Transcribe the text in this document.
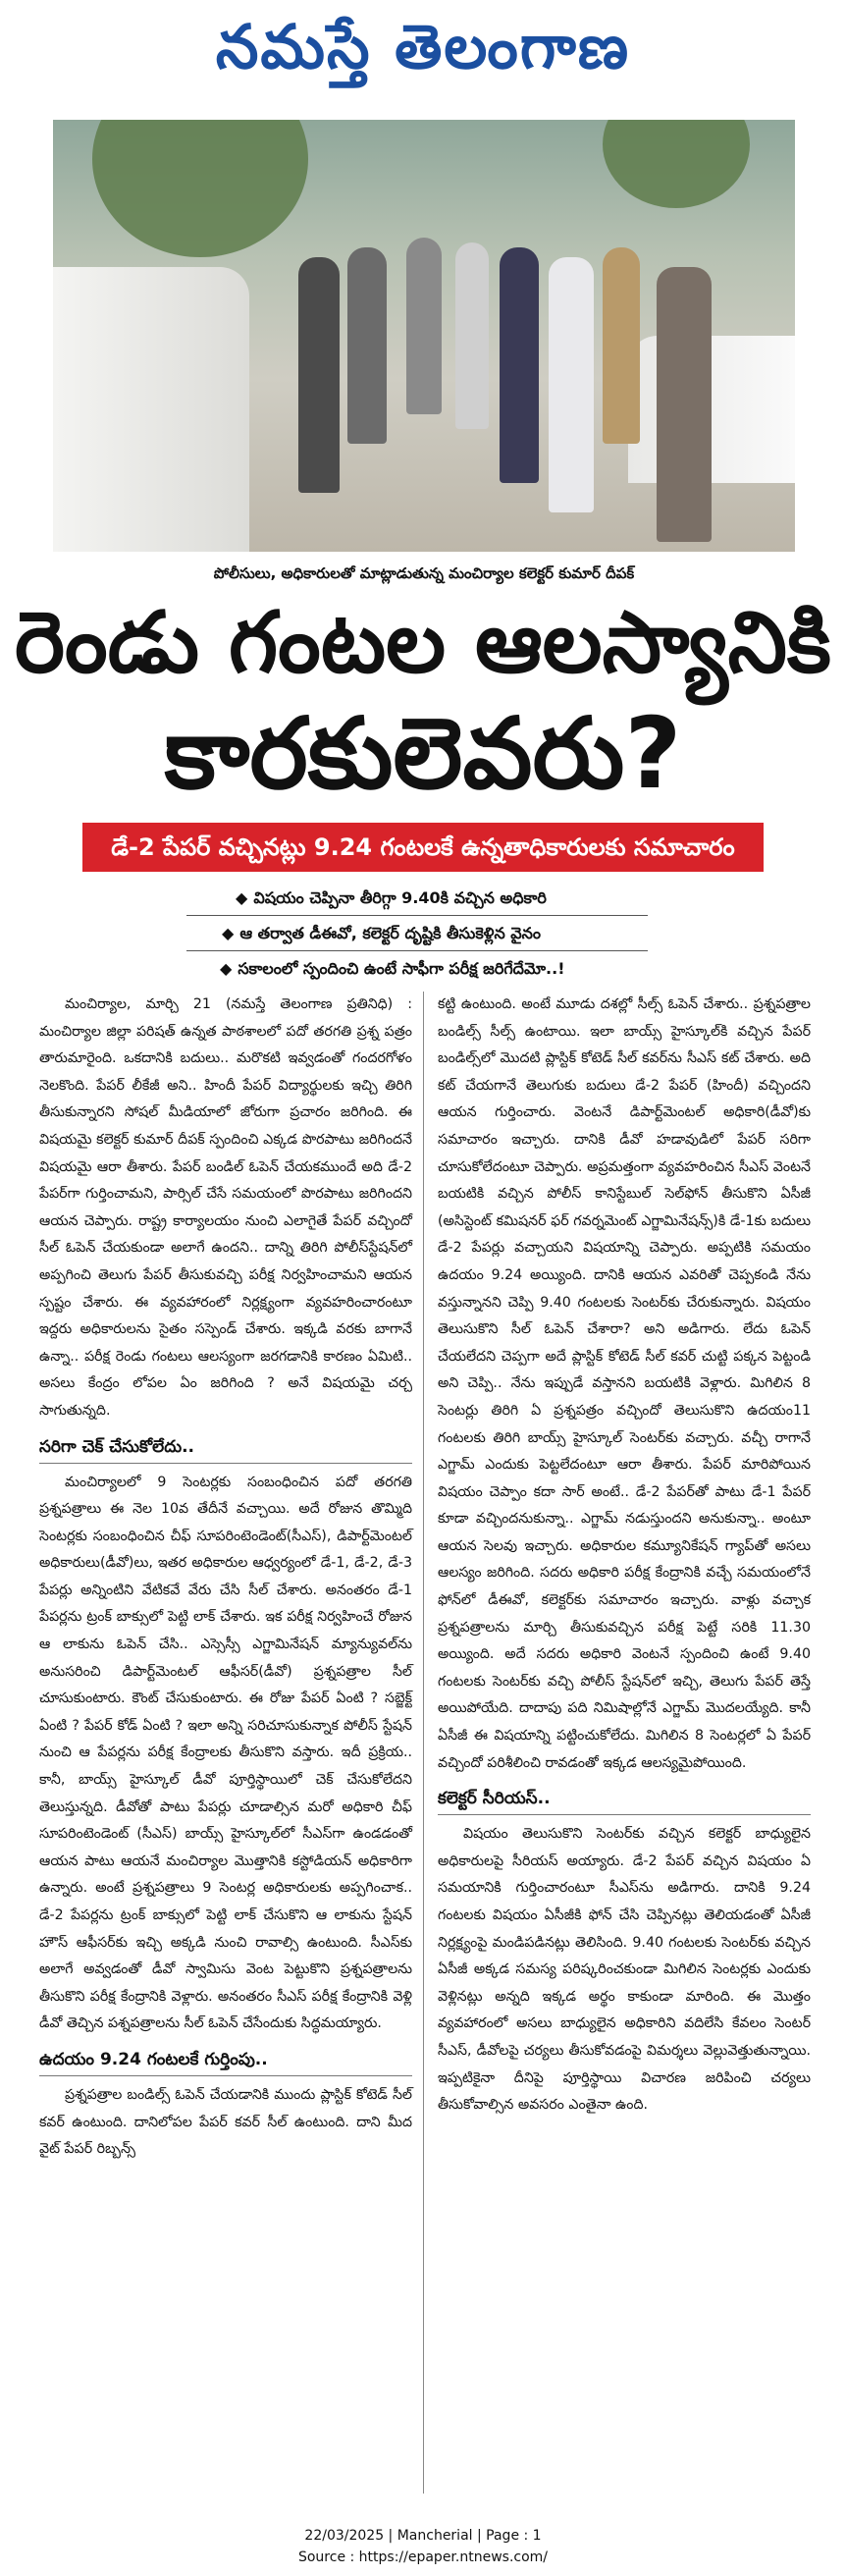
నమస్తే తెలంగాణ
పోలీసులు, అధికారులతో మాట్లాడుతున్న మంచిర్యాల కలెక్టర్ కుమార్ దీపక్
రెండు గంటల ఆలస్యానికి
కారకులెవరు?
డే-2 పేపర్ వచ్చినట్లు 9.24 గంటలకే ఉన్నతాధికారులకు సమాచారం
◆ విషయం చెప్పినా తీరిగ్గా 9.40కి వచ్చిన అధికారి
◆ ఆ తర్వాత డీఈవో, కలెక్టర్ దృష్టికి తీసుకెళ్లిన వైనం
◆ సకాలంలో స్పందించి ఉంటే సాఫీగా పరీక్ష జరిగేదేమో..!

మంచిర్యాల, మార్చి 21 (నమస్తే తెలంగాణ ప్రతినిధి) : మంచిర్యాల జిల్లా పరిషత్ ఉన్నత పాఠశాలలో పదో తరగతి ప్రశ్న పత్రం తారుమారైంది. ఒకదానికి బదులు.. మరొకటి ఇవ్వడంతో గందరగోళం నెలకొంది. పేపర్ లీకేజీ అని.. హిందీ పేపర్ విద్యార్థులకు ఇచ్చి తిరిగి తీసుకున్నారని సోషల్ మీడియాలో జోరుగా ప్రచారం జరిగింది. ఈ విషయమై కలెక్టర్ కుమార్ దీపక్ స్పందించి ఎక్కడ పొరపాటు జరిగిందనే విషయమై ఆరా తీశారు. పేపర్ బండిల్ ఓపెన్ చేయకముందే అది డే-2 పేపర్‌గా గుర్తించామని, పార్సిల్ చేసే సమయంలో పొరపాటు జరిగిందని ఆయన చెప్పారు. రాష్ట్ర కార్యాలయం నుంచి ఎలాగైతే పేపర్ వచ్చిందో సీల్ ఓపెన్ చేయకుండా అలాగే ఉందని.. దాన్ని తిరిగి పోలీస్‌స్టేషన్‌లో అప్పగించి తెలుగు పేపర్ తీసుకువచ్చి పరీక్ష నిర్వహించామని ఆయన స్పష్టం చేశారు. ఈ వ్యవహారంలో నిర్లక్ష్యంగా వ్యవహరించారంటూ ఇద్దరు అధికారులను సైతం సస్పెండ్ చేశారు. ఇక్కడి వరకు బాగానే ఉన్నా.. పరీక్ష రెండు గంటలు ఆలస్యంగా జరగడానికి కారణం ఏమిటి.. అసలు కేంద్రం లోపల ఏం జరిగింది ? అనే విషయమై చర్చ సాగుతున్నది.

సరిగా చెక్ చేసుకోలేదు..

మంచిర్యాలలో 9 సెంటర్లకు సంబంధించిన పదో తరగతి ప్రశ్నపత్రాలు ఈ నెల 10వ తేదీనే వచ్చాయి. అదే రోజున తొమ్మిది సెంటర్లకు సంబంధించిన చీఫ్ సూపరింటెండెంట్(సీఎస్), డిపార్ట్‌మెంటల్ అధికారులు(డీవో)లు, ఇతర అధికారుల ఆధ్వర్యంలో డే-1, డే-2, డే-3 పేపర్లు అన్నింటిని వేటికవే వేరు చేసి సీల్ చేశారు. అనంతరం డే-1 పేపర్లను ట్రంక్ బాక్సులో పెట్టి లాక్ చేశారు. ఇక పరీక్ష నిర్వహించే రోజున ఆ లాకును ఓపెన్ చేసి.. ఎస్సెస్సీ ఎగ్జామినేషన్ మ్యాన్యువల్‌ను అనుసరించి డిపార్ట్‌మెంటల్ ఆఫీసర్(డీవో) ప్రశ్నపత్రాల సీల్ చూసుకుంటారు. కౌంట్ చేసుకుంటారు. ఈ రోజు పేపర్ ఏంటి ? సబ్జెక్ట్ ఏంటి ? పేపర్ కోడ్ ఏంటి ? ఇలా అన్ని సరిచూసుకున్నాక పోలీస్ స్టేషన్ నుంచి ఆ పేపర్లను పరీక్ష కేంద్రాలకు తీసుకొని వస్తారు. ఇదీ ప్రక్రియ.. కానీ, బాయ్స్ హైస్కూల్ డీవో పూర్తిస్థాయిలో చెక్ చేసుకోలేదని తెలుస్తున్నది. డీవోతో పాటు పేపర్లు చూడాల్సిన మరో అధికారి చీఫ్ సూపరింటెండెంట్ (సీఎస్) బాయ్స్ హైస్కూల్‌లో సీఎస్‌గా ఉండడంతో ఆయన పాటు ఆయనే మంచిర్యాల మొత్తానికి కస్టోడియన్ అధికారిగా ఉన్నారు. అంటే ప్రశ్నపత్రాలు 9 సెంటర్ల అధికారులకు అప్పగించాక.. డే-2 పేపర్లను ట్రంక్ బాక్సులో పెట్టి లాక్ చేసుకొని ఆ లాకును స్టేషన్ హౌస్ ఆఫీసర్‌కు ఇచ్చి అక్కడి నుంచి రావాల్సి ఉంటుంది. సీఎస్‌కు అలాగే అవ్వడంతో డీవో స్వామిసు వెంట పెట్టుకొని ప్రశ్నపత్రాలను తీసుకొని పరీక్ష కేంద్రానికి వెళ్లారు. అనంతరం సీఎస్ పరీక్ష కేంద్రానికి వెళ్లి డీవో తెచ్చిన పశ్నపత్రాలను సీల్ ఓపెన్ చేసేందుకు సిద్ధమయ్యారు.

ఉదయం 9.24 గంటలకే గుర్తింపు..

ప్రశ్నపత్రాల బండిల్స్ ఓపెన్ చేయడానికి ముందు ప్లాస్టిక్ కోటెడ్ సీల్ కవర్ ఉంటుంది. దానిలోపల పేపర్ కవర్ సీల్ ఉంటుంది. దాని మీద వైట్ పేపర్ రిబ్బన్స్

కట్టి ఉంటుంది. అంటే మూడు దశల్లో సీల్స్ ఓపెన్ చేశారు.. ప్రశ్నపత్రాల బండిల్స్ సీల్స్ ఉంటాయి. ఇలా బాయ్స్ హైస్కూల్‌కి వచ్చిన పేపర్ బండిల్స్‌లో మొదటి ప్లాస్టిక్ కోటెడ్ సీల్ కవర్‌ను సీఎస్ కట్ చేశారు. అది కట్ చేయగానే తెలుగుకు బదులు డే-2 పేపర్ (హిందీ) వచ్చిందని ఆయన గుర్తించారు. వెంటనే డిపార్ట్‌మెంటల్ అధికారి(డీవో)కు సమాచారం ఇచ్చారు. దానికి డీవో హడావుడిలో పేపర్ సరిగా చూసుకోలేదంటూ చెప్పారు. అప్రమత్తంగా వ్యవహరించిన సీఎస్ వెంటనే బయటికి వచ్చిన పోలీస్ కానిస్టేబుల్ సెల్‌ఫోన్ తీసుకొని ఏసీజీ (అసిస్టెంట్ కమిషనర్ ఫర్ గవర్నమెంట్ ఎగ్జామినేషన్స్)కి డే-1కు బదులు డే-2 పేపర్లు వచ్చాయని విషయాన్ని చెప్పారు. అప్పటికి సమయం ఉదయం 9.24 అయ్యింది. దానికి ఆయన ఎవరితో చెప్పకండి నేను వస్తున్నానని చెప్పి 9.40 గంటలకు సెంటర్‌కు చేరుకున్నారు. విషయం తెలుసుకొని సీల్ ఓపెన్ చేశారా? అని అడిగారు. లేదు ఓపెన్ చేయలేదని చెప్పగా అదే ప్లాస్టిక్ కోటెడ్ సీల్ కవర్ చుట్టి పక్కన పెట్టండి అని చెప్పి.. నేను ఇప్పుడే వస్తానని బయటికి వెళ్లారు. మిగిలిన 8 సెంటర్లు తిరిగి ఏ ప్రశ్నపత్రం వచ్చిందో తెలుసుకొని ఉదయం11 గంటలకు తిరిగి బాయ్స్ హైస్కూల్ సెంటర్‌కు వచ్చారు. వచ్చీ రాగానే ఎగ్జామ్ ఎందుకు పెట్టలేదంటూ ఆరా తీశారు. పేపర్ మారిపోయిన విషయం చెప్పాం కదా సార్ అంటే.. డే-2 పేపర్‌తో పాటు డే-1 పేపర్ కూడా వచ్చిందనుకున్నా.. ఎగ్జామ్ నడుస్తుందని అనుకున్నా.. అంటూ ఆయన సెలవు ఇచ్చారు. అధికారుల కమ్యూనికేషన్ గ్యాప్‌తో అసలు ఆలస్యం జరిగింది. సదరు అధికారి పరీక్ష కేంద్రానికి వచ్చే సమయంలోనే ఫోన్‌లో డీఈవో, కలెక్టర్‌కు సమాచారం ఇచ్చారు. వాళ్లు వచ్చాక ప్రశ్నపత్రాలను మార్చి తీసుకువచ్చిన పరీక్ష పెట్టే సరికి 11.30 అయ్యింది. అదే సదరు అధికారి వెంటనే స్పందించి ఉంటే 9.40 గంటలకు సెంటర్‌కు వచ్చి పోలీస్ స్టేషన్‌లో ఇచ్చి, తెలుగు పేపర్ తెస్తే అయిపోయేది. దాదాపు పది నిమిషాల్లోనే ఎగ్జామ్ మొదలయ్యేది. కానీ ఏసీజీ ఈ విషయాన్ని పట్టించుకోలేదు. మిగిలిన 8 సెంటర్లలో ఏ పేపర్ వచ్చిందో పరిశీలించి రావడంతో ఇక్కడ ఆలస్యమైపోయింది.

కలెక్టర్ సీరియస్..

విషయం తెలుసుకొని సెంటర్‌కు వచ్చిన కలెక్టర్ బాధ్యులైన అధికారులపై సీరియస్ అయ్యారు. డే-2 పేపర్ వచ్చిన విషయం ఏ సమయానికి గుర్తించారంటూ సీఎస్‌ను అడిగారు. దానికి 9.24 గంటలకు విషయం ఏసీజీకి ఫోన్ చేసి చెప్పినట్లు తెలియడంతో ఏసీజీ నిర్లక్ష్యంపై మండిపడినట్లు తెలిసింది. 9.40 గంటలకు సెంటర్‌కు వచ్చిన ఏసీజీ అక్కడ సమస్య పరిష్కరించకుండా మిగిలిన సెంటర్లకు ఎందుకు వెళ్లినట్లు అన్నది ఇక్కడ అర్థం కాకుండా మారింది. ఈ మొత్తం వ్యవహారంలో అసలు బాధ్యులైన అధికారిని వదిలేసి కేవలం సెంటర్ సీఎస్, డీవోలపై చర్యలు తీసుకోవడంపై విమర్శలు వెల్లువెత్తుతున్నాయి. ఇప్పటికైనా దీనిపై పూర్తిస్థాయి విచారణ జరిపించి చర్యలు తీసుకోవాల్సిన అవసరం ఎంతైనా ఉంది.

22/03/2025 | Mancherial | Page : 1
Source : https://epaper.ntnews.com/
